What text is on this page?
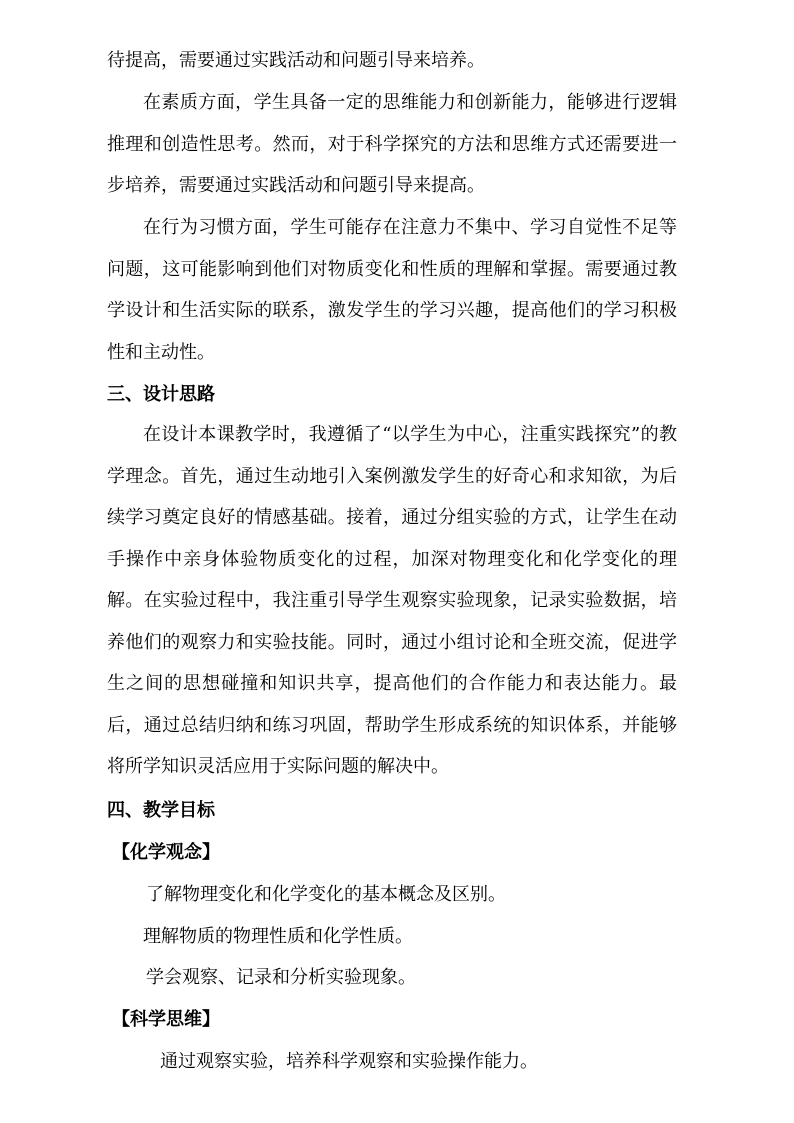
待提高，需要通过实践活动和问题引导来培养。

在素质方面，学生具备一定的思维能力和创新能力，能够进行逻辑推理和创造性思考。然而，对于科学探究的方法和思维方式还需要进一步培养，需要通过实践活动和问题引导来提高。

在行为习惯方面，学生可能存在注意力不集中、学习自觉性不足等问题，这可能影响到他们对物质变化和性质的理解和掌握。需要通过教学设计和生活实际的联系，激发学生的学习兴趣，提高他们的学习积极性和主动性。

三、设计思路

在设计本课教学时，我遵循了“以学生为中心，注重实践探究”的教学理念。首先，通过生动地引入案例激发学生的好奇心和求知欲，为后续学习奠定良好的情感基础。接着，通过分组实验的方式，让学生在动手操作中亲身体验物质变化的过程，加深对物理变化和化学变化的理解。在实验过程中，我注重引导学生观察实验现象，记录实验数据，培养他们的观察力和实验技能。同时，通过小组讨论和全班交流，促进学生之间的思想碰撞和知识共享，提高他们的合作能力和表达能力。最后，通过总结归纳和练习巩固，帮助学生形成系统的知识体系，并能够将所学知识灵活应用于实际问题的解决中。

四、教学目标

【化学观念】

了解物理变化和化学变化的基本概念及区别。

理解物质的物理性质和化学性质。

学会观察、记录和分析实验现象。

【科学思维】

通过观察实验，培养科学观察和实验操作能力。
